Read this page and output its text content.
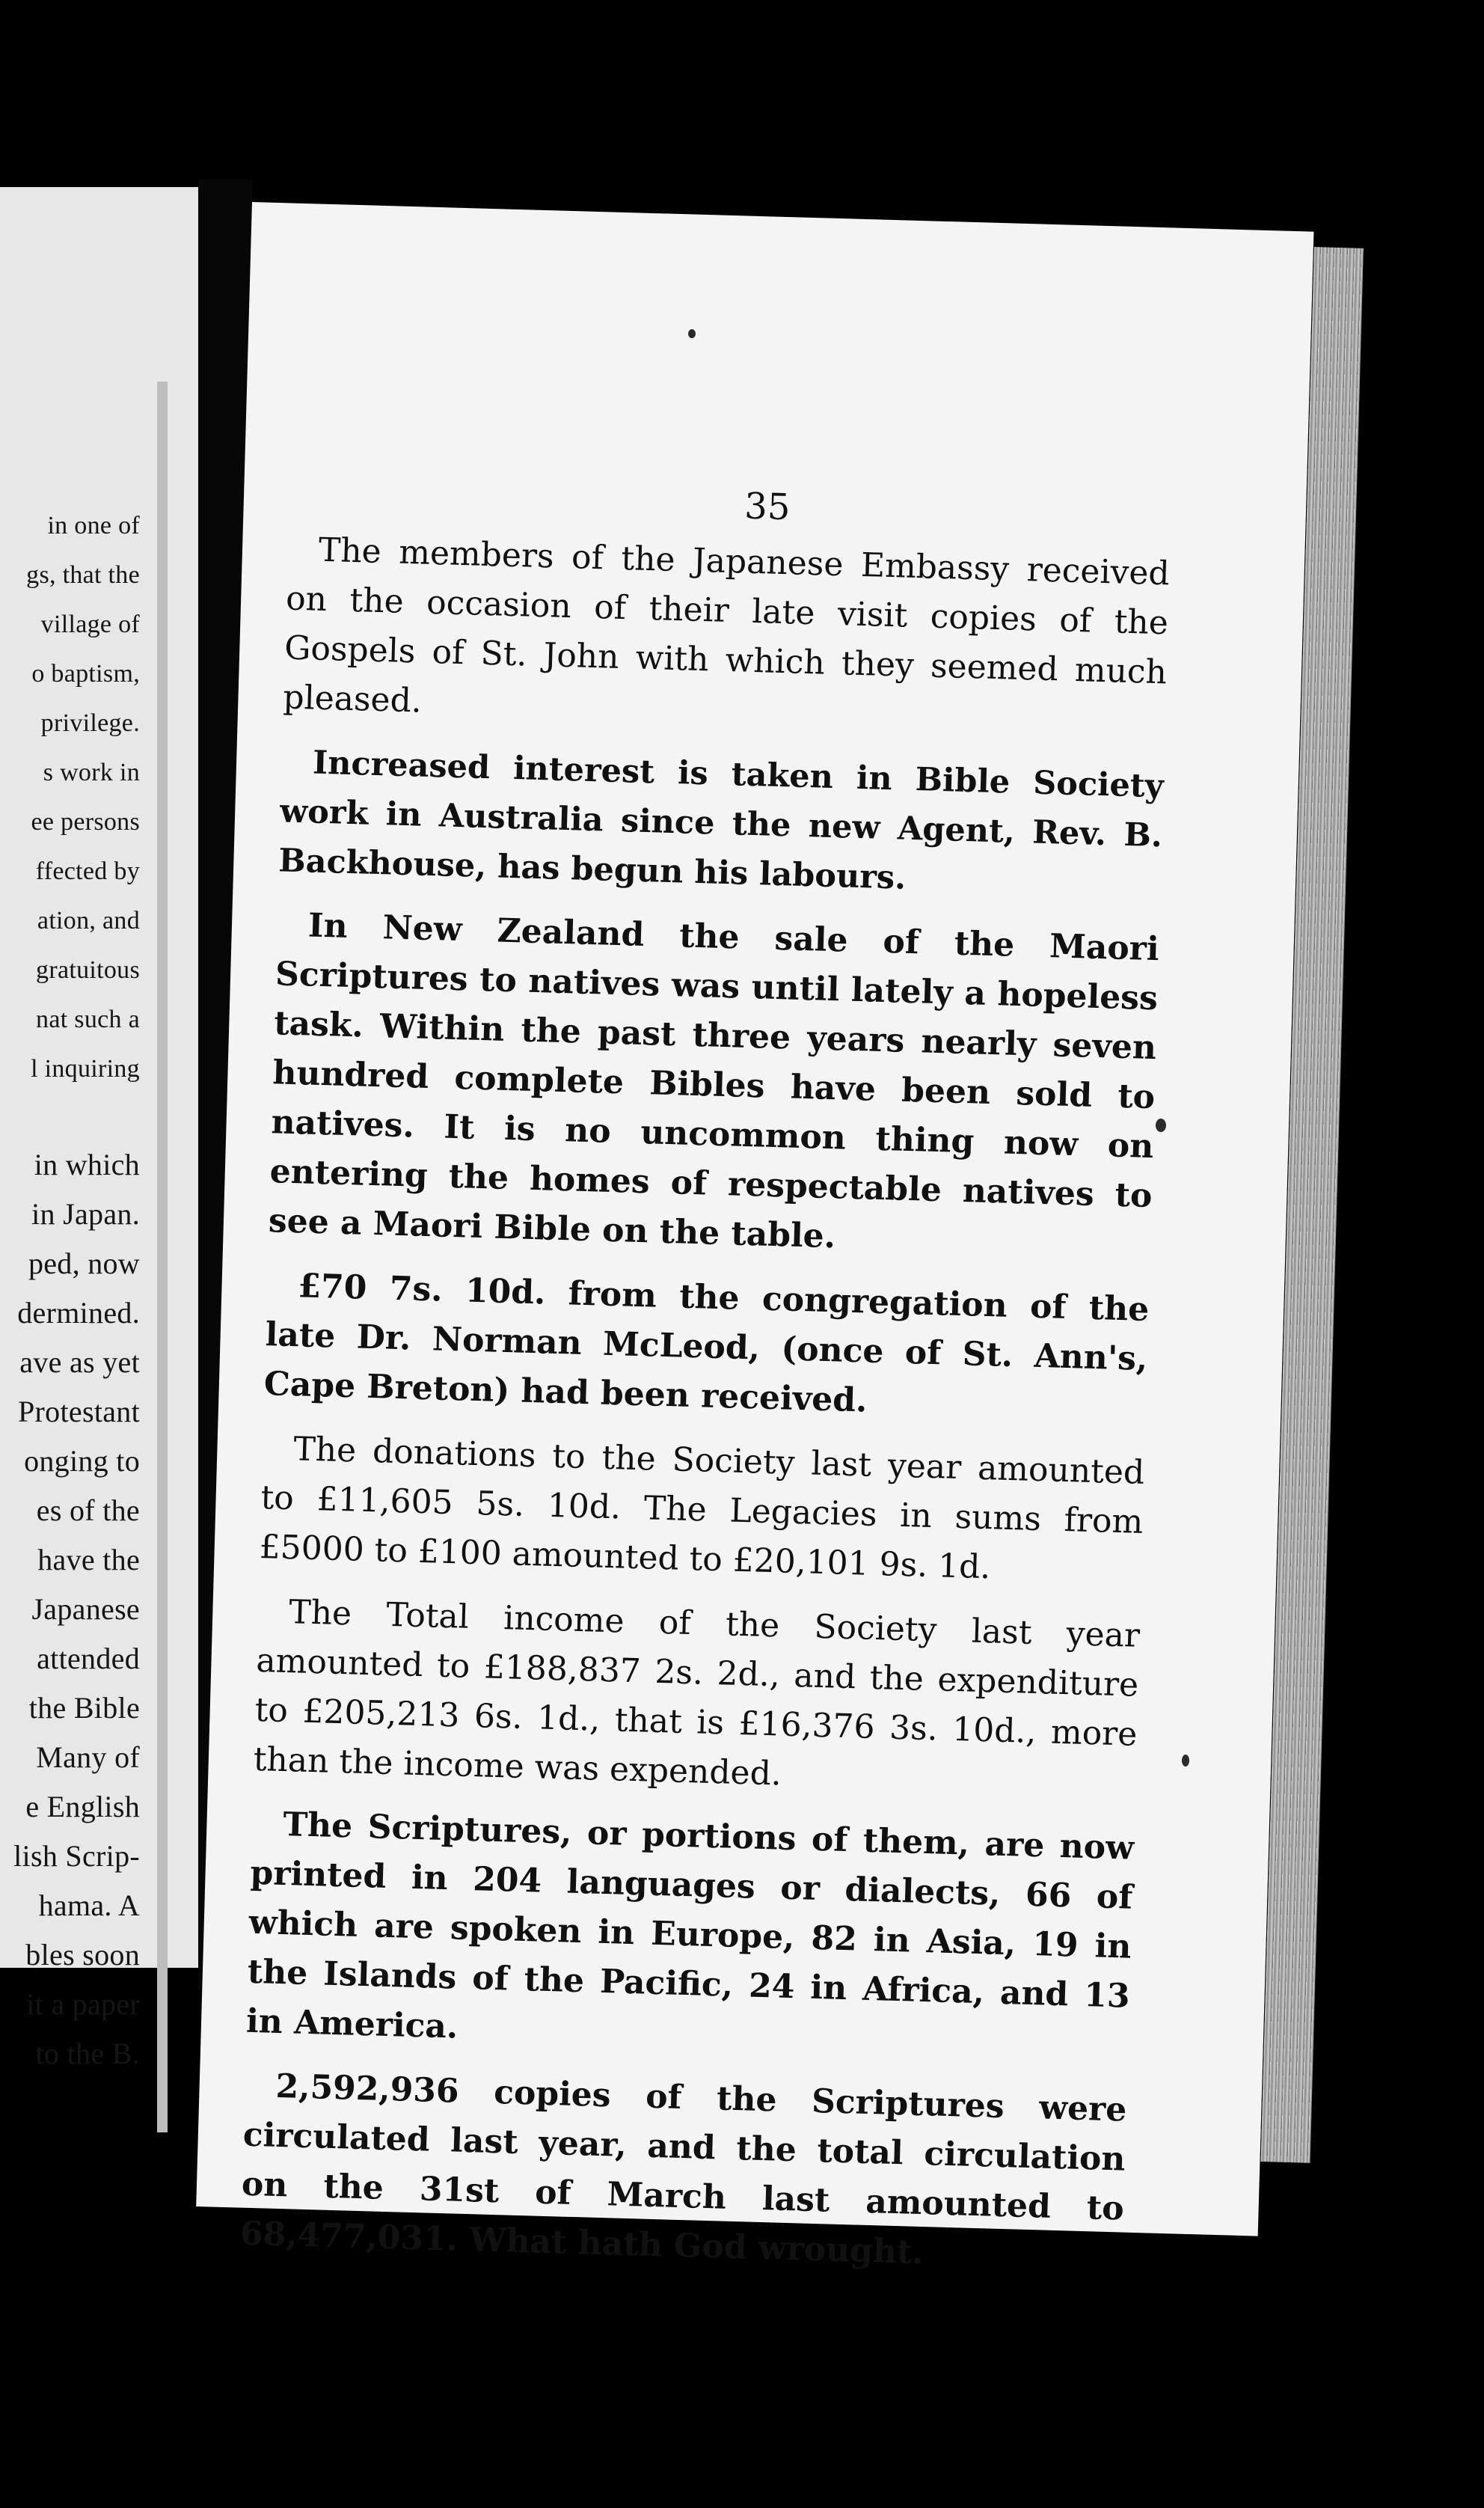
in one of
gs, that the
village of
o baptism,
privilege.
s work in
ee persons
ffected by
ation, and
gratuitous
nat such a
l inquiring
in which
in Japan.
ped, now
dermined.
ave as yet
Protestant
onging to
es of the
have the
Japanese
attended
the Bible
Many of
e English
lish Scrip-
hama. A
bles soon
it a paper
to the B.
35

The members of the Japanese Embassy received on the occasion of their late visit copies of the Gospels of St. John with which they seemed much pleased.

Increased interest is taken in Bible Society work in Australia since the new Agent, Rev. B. Backhouse, has begun his labours.

In New Zealand the sale of the Maori Scriptures to natives was until lately a hopeless task. Within the past three years nearly seven hundred complete Bibles have been sold to natives. It is no uncommon thing now on entering the homes of respectable natives to see a Maori Bible on the table.

£70 7s. 10d. from the congregation of the late Dr. Norman McLeod, (once of St. Ann's, Cape Breton) had been received.

The donations to the Society last year amounted to £11,605 5s. 10d. The Legacies in sums from £5000 to £100 amounted to £20,101 9s. 1d.

The Total income of the Society last year amounted to £188,837 2s. 2d., and the expenditure to £205,213 6s. 1d., that is £16,376 3s. 10d., more than the income was expended.

The Scriptures, or portions of them, are now printed in 204 languages or dialects, 66 of which are spoken in Europe, 82 in Asia, 19 in the Islands of the Pacific, 24 in Africa, and 13 in America.

2,592,936 copies of the Scriptures were circulated last year, and the total circulation on the 31st of March last amounted to 68,477,031. What hath God wrought.
